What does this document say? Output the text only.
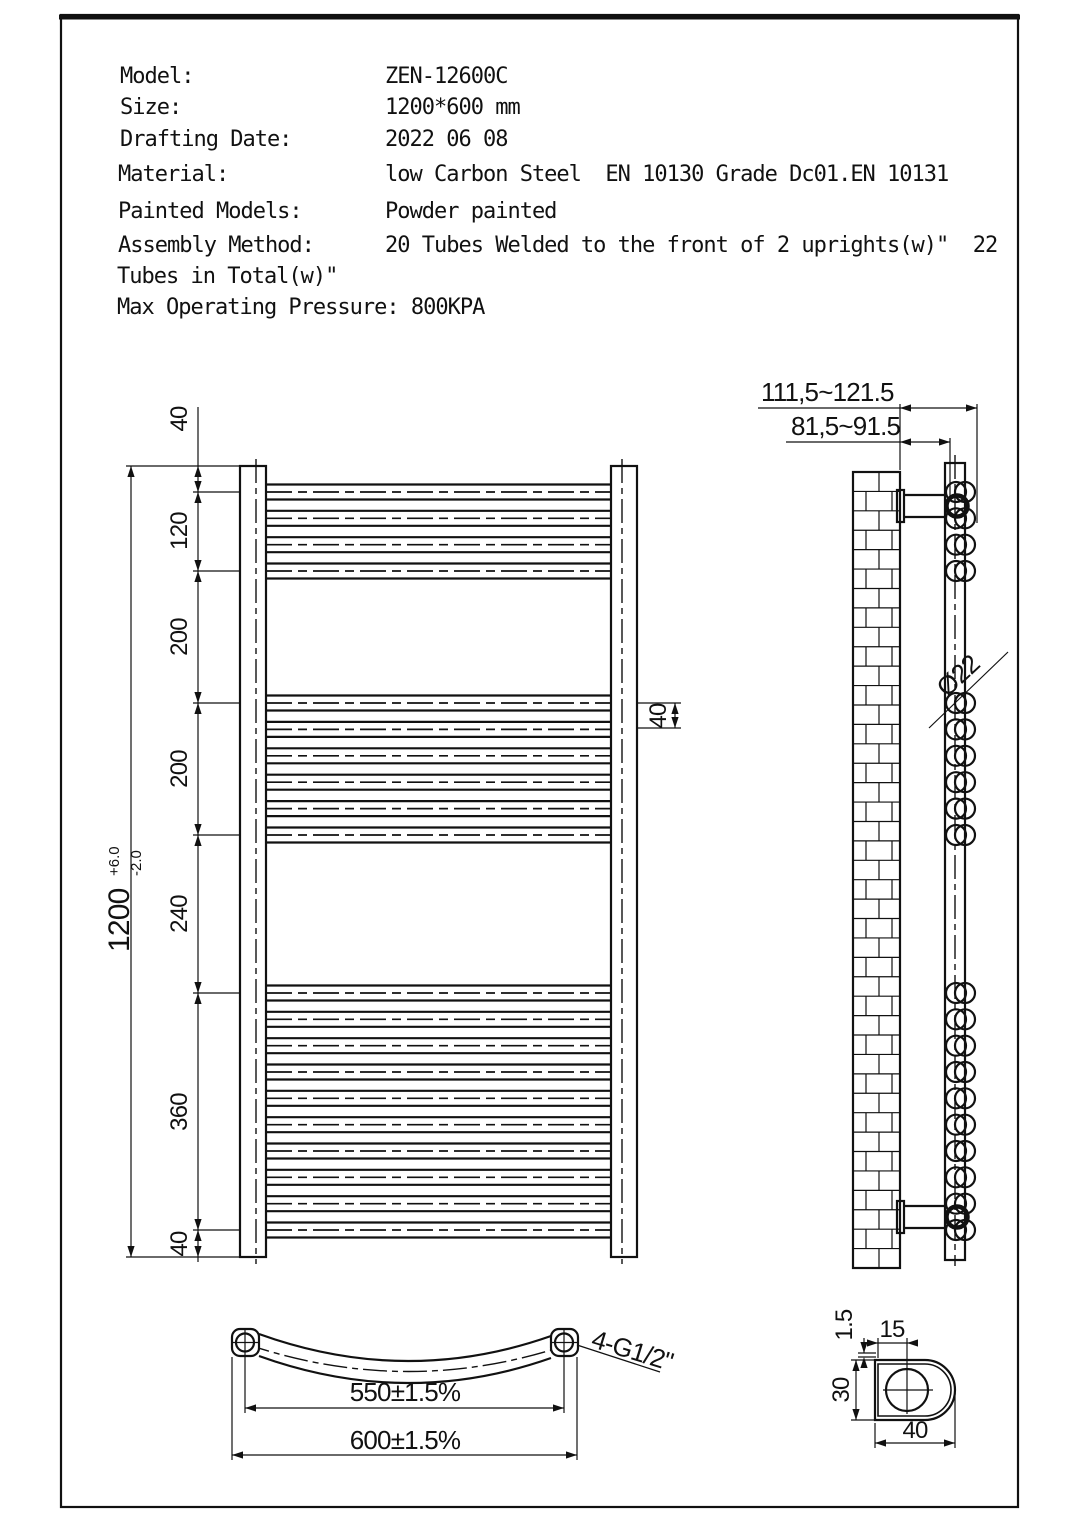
Model:	ZEN-12600C
Size:	1200*600 mm
Drafting Date:	2022 06 08
Material:	low Carbon Steel  EN 10130 Grade Dc01.EN 10131
Painted Models:	Powder painted
Assembly Method:	20 Tubes Welded to the front of 2 uprights(w)"  22
Tubes in Total(w)"
Max Operating Pressure: 800KPA
40
120
200
200
240
360
40
1200+6.0 -2.0
40
111,5~121.5
81,5~91.5
Ø22
550±1.5%
600±1.5%
4-G1/2"	15
40
30
1.5
